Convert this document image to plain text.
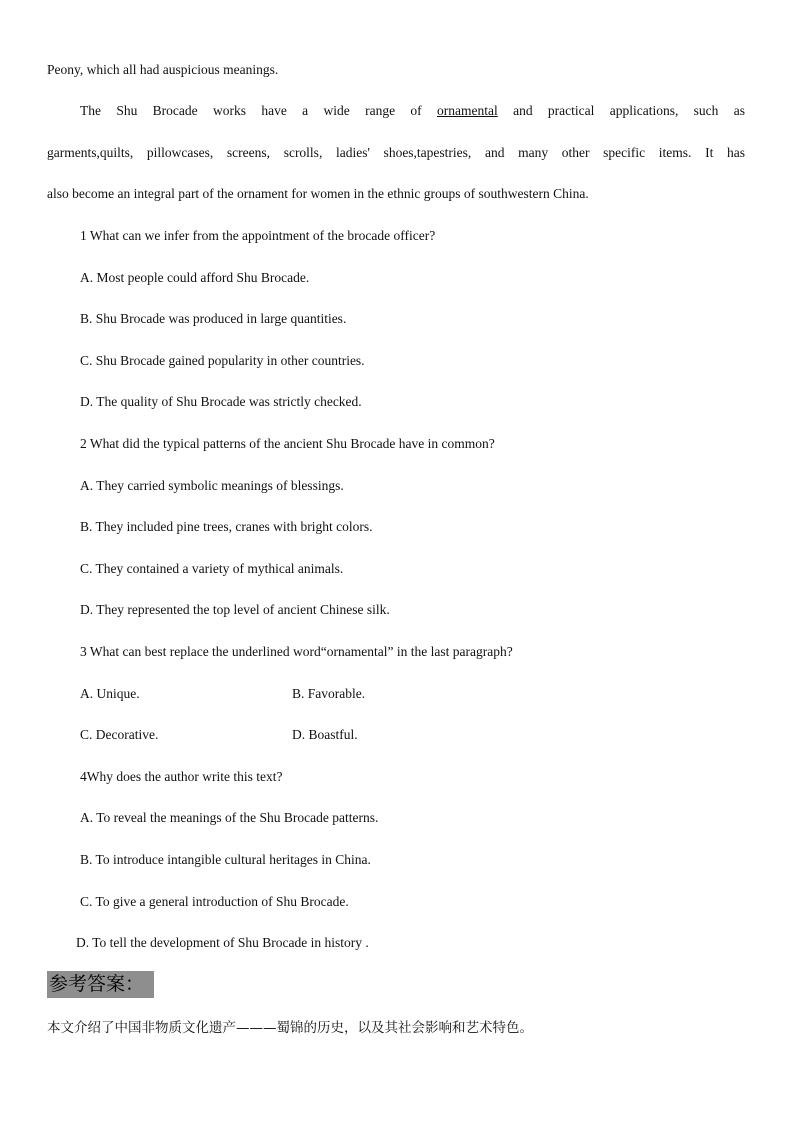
Peony, which all had auspicious meanings.
The Shu Brocade works have a wide range of ornamental and practical applications, such as
garments,quilts, pillowcases, screens, scrolls, ladies' shoes,tapestries, and many other specific items. It has
also become an integral part of the ornament for women in the ethnic groups of southwestern China.
1 What can we infer from the appointment of the brocade officer?
A. Most people could afford Shu Brocade.
B. Shu Brocade was produced in large quantities.
C. Shu Brocade gained popularity in other countries.
D. The quality of Shu Brocade was strictly checked.
2 What did the typical patterns of the ancient Shu Brocade have in common?
A. They carried symbolic meanings of blessings.
B. They included pine trees, cranes with bright colors.
C. They contained a variety of mythical animals.
D. They represented the top level of ancient Chinese silk.
3 What can best replace the underlined word“ornamental” in the last paragraph?
A. Unique.	B. Favorable.
C. Decorative.	D. Boastful.
4Why does the author write this text?
A. To reveal the meanings of the Shu Brocade patterns.
B. To introduce intangible cultural heritages in China.
C. To give a general introduction of Shu Brocade.
D. To tell the development of Shu Brocade in history .
参考答案：
本文介绍了中国非物质文化遗产———蜀锦的历史，以及其社会影响和艺术特色。
